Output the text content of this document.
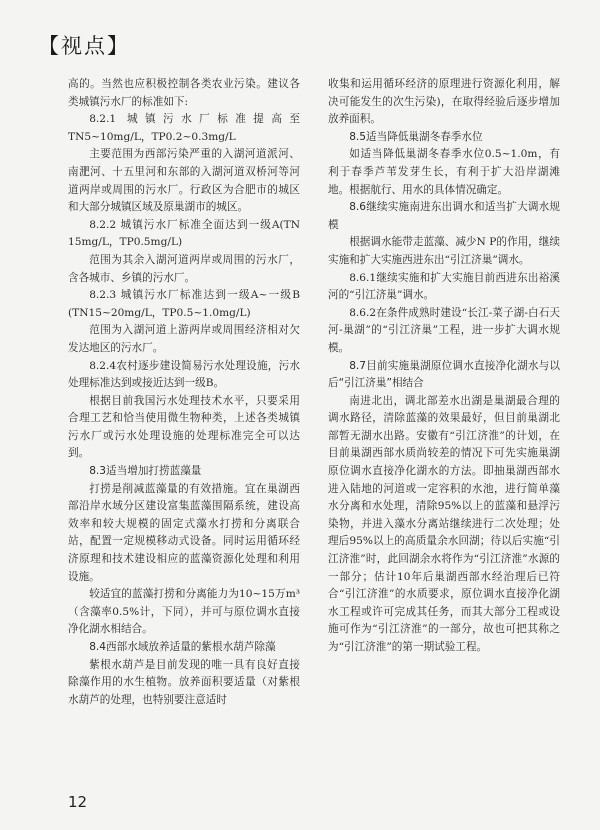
【视点】

高的。当然也应积极控制各类农业污染。建议各类城镇污水厂的标准如下:

8.2.1 城镇污水厂标准提高至TN5~10mg/L，TP0.2~0.3mg/L

主要范围为西部污染严重的入湖河道派河、南淝河、十五里河和东部的入湖河道双桥河等河道两岸或周围的污水厂。行政区为合肥市的城区和大部分城镇区域及原巢湖市的城区。

8.2.2 城镇污水厂标准全面达到一级A(TN 15mg/L，TP0.5mg/L)

范围为其余入湖河道两岸或周围的污水厂，含各城市、乡镇的污水厂。

8.2.3 城镇污水厂标准达到一级A~一级B (TN15~20mg/L，TP0.5~1.0mg/L)

范围为入湖河道上游两岸或周围经济相对欠发达地区的污水厂。

8.2.4农村逐步建设简易污水处理设施，污水处理标准达到或接近达到一级B。

根据目前我国污水处理技术水平，只要采用合理工艺和恰当使用微生物种类，上述各类城镇污水厂或污水处理设施的处理标准完全可以达到。

8.3适当增加打捞蓝藻量

打捞是削减蓝藻量的有效措施。宜在巢湖西部沿岸水域分区建设富集蓝藻围隔系统，建设高效率和较大规模的固定式藻水打捞和分离联合站，配置一定规模移动式设备。同时运用循环经济原理和技术建设相应的蓝藻资源化处理和利用设施。

较适宜的蓝藻打捞和分离能力为10~15万m³（含藻率0.5%计，下同），并可与原位调水直接净化湖水相结合。

8.4西部水域放养适量的紫根水葫芦除藻

紫根水葫芦是目前发现的唯一具有良好直接除藻作用的水生植物。放养面积要适量（对紫根水葫芦的处理，也特别要注意适时

收集和运用循环经济的原理进行资源化利用，解决可能发生的次生污染)，在取得经验后逐步增加放养面积。

8.5适当降低巢湖冬春季水位

如适当降低巢湖冬春季水位0.5~1.0m，有利于春季芦苇发芽生长，有利于扩大沿岸湖滩地。根据航行、用水的具体情况确定。

8.6继续实施南进东出调水和适当扩大调水规模

根据调水能带走蓝藻、减少N P的作用，继续实施和扩大实施西进东出“引江济巢”调水。

8.6.1继续实施和扩大实施目前西进东出裕溪河的“引江济巢”调水。

8.6.2在条件成熟时建设“长江-菜子湖-白石天河-巢湖”的“引江济巢”工程，进一步扩大调水规模。

8.7目前实施巢湖原位调水直接净化湖水与以后“引江济巢”相结合

南进北出，调北部差水出湖是巢湖最合理的调水路径，清除蓝藻的效果最好，但目前巢湖北部暂无湖水出路。安徽有“引江济淮”的计划，在目前巢湖西部水质尚较差的情况下可先实施巢湖原位调水直接净化湖水的方法。即抽巢湖西部水进入陆地的河道或一定容积的水池，进行简单藻水分离和水处理，清除95%以上的蓝藻和悬浮污染物，并进入藻水分离站继续进行二次处理；处理后95%以上的高质量余水回湖；待以后实施“引江济淮”时，此回湖余水将作为“引江济淮”水源的一部分；估计10年后巢湖西部水经治理后已符合“引江济淮”的水质要求，原位调水直接净化湖水工程或许可完成其任务，而其大部分工程或设施可作为“引江济淮”的一部分，故也可把其称之为“引江济淮”的第一期试验工程。

12
